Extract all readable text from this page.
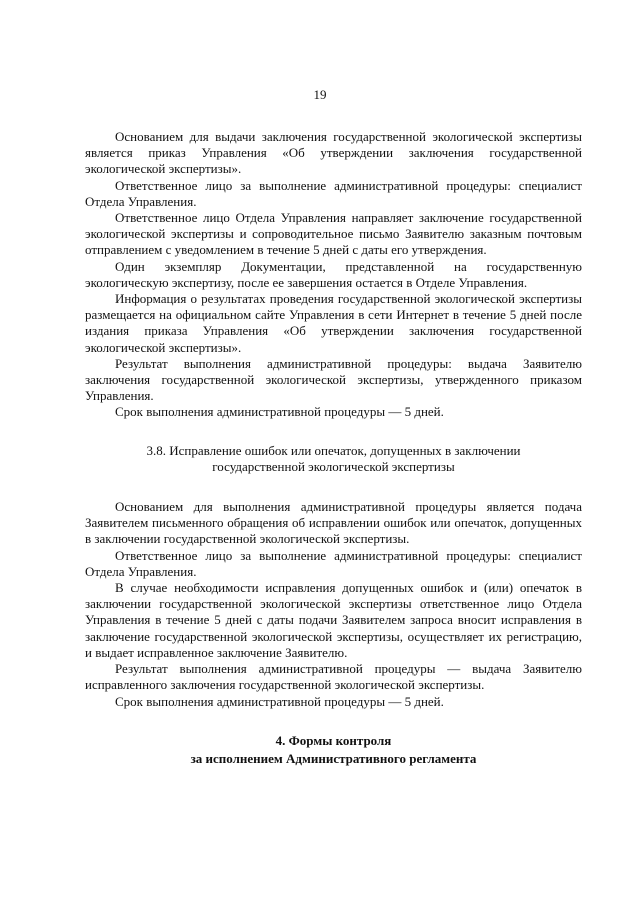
19

Основанием для выдачи заключения государственной экологической экспертизы является приказ Управления «Об утверждении заключения государственной экологической экспертизы».

Ответственное лицо за выполнение административной процедуры: специалист Отдела Управления.

Ответственное лицо Отдела Управления направляет заключение государственной экологической экспертизы и сопроводительное письмо Заявителю заказным почтовым отправлением с уведомлением в течение 5 дней с даты его утверждения.

Один экземпляр Документации, представленной на государственную экологическую экспертизу, после ее завершения остается в Отделе Управления.

Информация о результатах проведения государственной экологической экспертизы размещается на официальном сайте Управления в сети Интернет в течение 5 дней после издания приказа Управления «Об утверждении заключения государственной экологической экспертизы».

Результат выполнения административной процедуры: выдача Заявителю заключения государственной экологической экспертизы, утвержденного приказом Управления.

Срок выполнения административной процедуры — 5 дней.

3.8. Исправление ошибок или опечаток, допущенных в заключении
государственной экологической экспертизы

Основанием для выполнения административной процедуры является подача Заявителем письменного обращения об исправлении ошибок или опечаток, допущенных в заключении государственной экологической экспертизы.

Ответственное лицо за выполнение административной процедуры: специалист Отдела Управления.

В случае необходимости исправления допущенных ошибок и (или) опечаток в заключении государственной экологической экспертизы ответственное лицо Отдела Управления в течение 5 дней с даты подачи Заявителем запроса вносит исправления в заключение государственной экологической экспертизы, осуществляет их регистрацию, и выдает исправленное заключение Заявителю.

Результат выполнения административной процедуры — выдача Заявителю исправленного заключения государственной экологической экспертизы.

Срок выполнения административной процедуры — 5 дней.

4. Формы контроля
за исполнением Административного регламента
